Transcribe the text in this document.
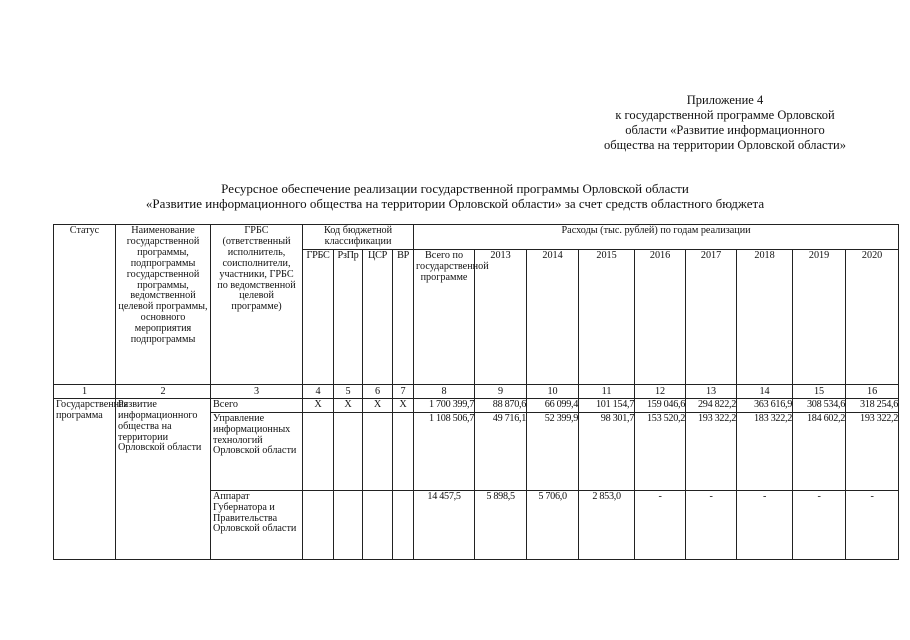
Приложение 4
к государственной программе Орловской
области «Развитие информационного
общества на территории Орловской области»
Ресурсное обеспечение реализации государственной программы Орловской области
«Развитие информационного общества на территории Орловской области» за счет средств областного бюджета
Статус	Наименование государственной программы, подпрограммы государственной программы, ведомственной целевой программы, основного мероприятия подпрограммы	ГРБС (ответственный исполнитель, соисполнители, участники, ГРБС по ведомственной целевой программе)	Код бюджетной классификации				Расходы (тыс. рублей) по годам реализации								
			ГРБС	РзПр	ЦСР	ВР	Всего по государственной программе	2013	2014	2015	2016	2017	2018	2019	2020
1	2	3	4	5	6	7	8	9	10	11	12	13	14	15	16
Государственная программа	Развитие информационного общества на территории Орловской области	Всего	X	X	X	X	1 700 399,7	88 870,6	66 099,4	101 154,7	159 046,6	294 822,2	363 616,9	308 534,6	318 254,6
		Управление информационных технологий Орловской области					1 108 506,7	49 716,1	52 399,9	98 301,7	153 520,2	193 322,2	183 322,2	184 602,2	193 322,2
		Аппарат Губернатора и Правительства Орловской области					14 457,5	5 898,5	5 706,0	2 853,0	-	-	-	-	-
